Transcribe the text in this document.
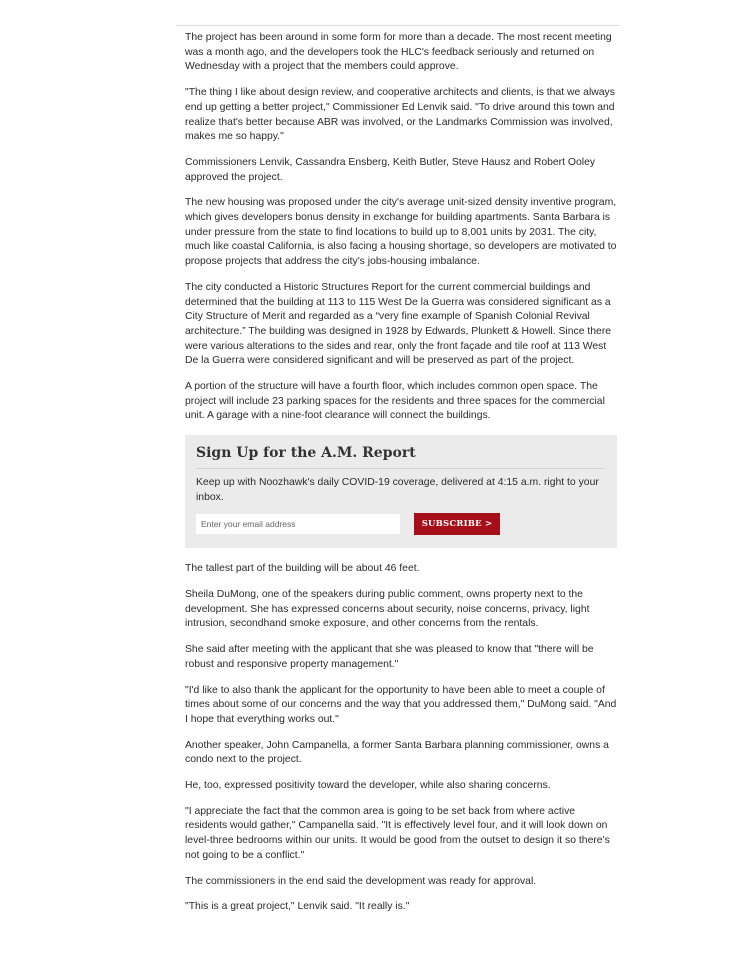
The project has been around in some form for more than a decade. The most recent meeting was a month ago, and the developers took the HLC's feedback seriously and returned on Wednesday with a project that the members could approve.

"The thing I like about design review, and cooperative architects and clients, is that we always end up getting a better project," Commissioner Ed Lenvik said. "To drive around this town and realize that's better because ABR was involved, or the Landmarks Commission was involved, makes me so happy."

Commissioners Lenvik, Cassandra Ensberg, Keith Butler, Steve Hausz and Robert Ooley approved the project.

The new housing was proposed under the city's average unit-sized density inventive program, which gives developers bonus density in exchange for building apartments. Santa Barbara is under pressure from the state to find locations to build up to 8,001 units by 2031. The city, much like coastal California, is also facing a housing shortage, so developers are motivated to propose projects that address the city's jobs-housing imbalance.

The city conducted a Historic Structures Report for the current commercial buildings and determined that the building at 113 to 115 West De la Guerra was considered significant as a City Structure of Merit and regarded as a “very fine example of Spanish Colonial Revival architecture.” The building was designed in 1928 by Edwards, Plunkett & Howell. Since there were various alterations to the sides and rear, only the front façade and tile roof at 113 West De la Guerra were considered significant and will be preserved as part of the project.

A portion of the structure will have a fourth floor, which includes common open space. The project will include 23 parking spaces for the residents and three spaces for the commercial unit. A garage with a nine-foot clearance will connect the buildings.

Sign Up for the A.M. Report
Keep up with Noozhawk's daily COVID-19 coverage, delivered at 4:15 a.m. right to your inbox.
Enter your email address
SUBSCRIBE >

The tallest part of the building will be about 46 feet.

Sheila DuMong, one of the speakers during public comment, owns property next to the development. She has expressed concerns about security, noise concerns, privacy, light intrusion, secondhand smoke exposure, and other concerns from the rentals.

She said after meeting with the applicant that she was pleased to know that "there will be robust and responsive property management."

"I'd like to also thank the applicant for the opportunity to have been able to meet a couple of times about some of our concerns and the way that you addressed them," DuMong said. "And I hope that everything works out."

Another speaker, John Campanella, a former Santa Barbara planning commissioner, owns a condo next to the project.

He, too, expressed positivity toward the developer, while also sharing concerns.

"I appreciate the fact that the common area is going to be set back from where active residents would gather," Campanella said. "It is effectively level four, and it will look down on level-three bedrooms within our units. It would be good from the outset to design it so there's not going to be a conflict."

The commissioners in the end said the development was ready for approval.

"This is a great project," Lenvik said. "It really is."
